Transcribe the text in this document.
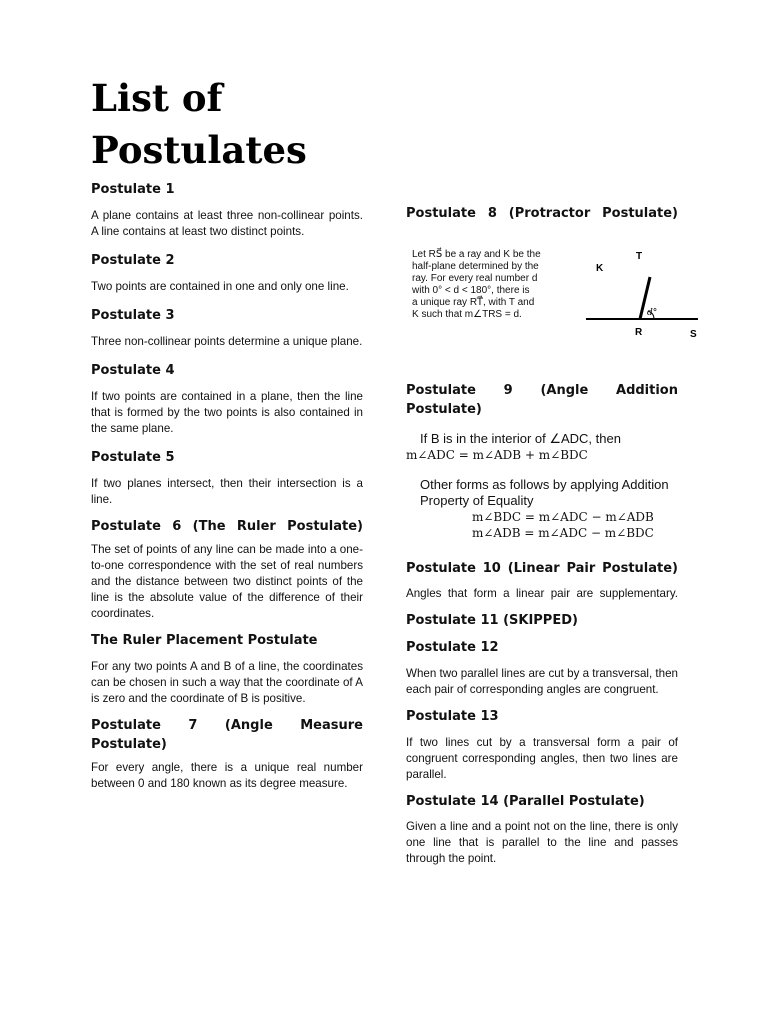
List of
Postulates

Postulate 1

A plane contains at least three non-collinear points. A line contains at least two distinct points.

Postulate 2

Two points are contained in one and only one line.

Postulate 3

Three non-collinear points determine a unique plane.

Postulate 4

If two points are contained in a plane, then the line that is formed by the two points is also contained in the same plane.

Postulate 5

If two planes intersect, then their intersection is a line.

Postulate 6 (The Ruler Postulate)

The set of points of any line can be made into a one-to-one correspondence with the set of real numbers and the distance between two distinct points of the line is the absolute value of the difference of their coordinates.

The Ruler Placement Postulate

For any two points A and B of a line, the coordinates can be chosen in such a way that the coordinate of A is zero and the coordinate of B is positive.

Postulate 7 (Angle Measure Postulate)

For every angle, there is a unique real number between 0 and 180 known as its degree measure.

Postulate 8 (Protractor Postulate)

Let RS⃗ be a ray and K be the
half-plane determined by the
ray. For every real number d
with 0° < d < 180°, there is
a unique ray RT⃗, with T and
K such that m∠TRS = d.
T
K
d°
R	S

Postulate 9 (Angle Addition Postulate)

If B is in the interior of ∠ADC, then
m∠ADC = m∠ADB + m∠BDC
Other forms as follows by applying Addition
Property of Equality
m∠BDC = m∠ADC − m∠ADB
m∠ADB = m∠ADC − m∠BDC

Postulate 10 (Linear Pair Postulate)

Angles that form a linear pair are supplementary.

Postulate 11 (SKIPPED)

Postulate 12

When two parallel lines are cut by a transversal, then each pair of corresponding angles are congruent.

Postulate 13

If two lines cut by a transversal form a pair of congruent corresponding angles, then two lines are parallel.

Postulate 14 (Parallel Postulate)

Given a line and a point not on the line, there is only one line that is parallel to the line and passes through the point.
